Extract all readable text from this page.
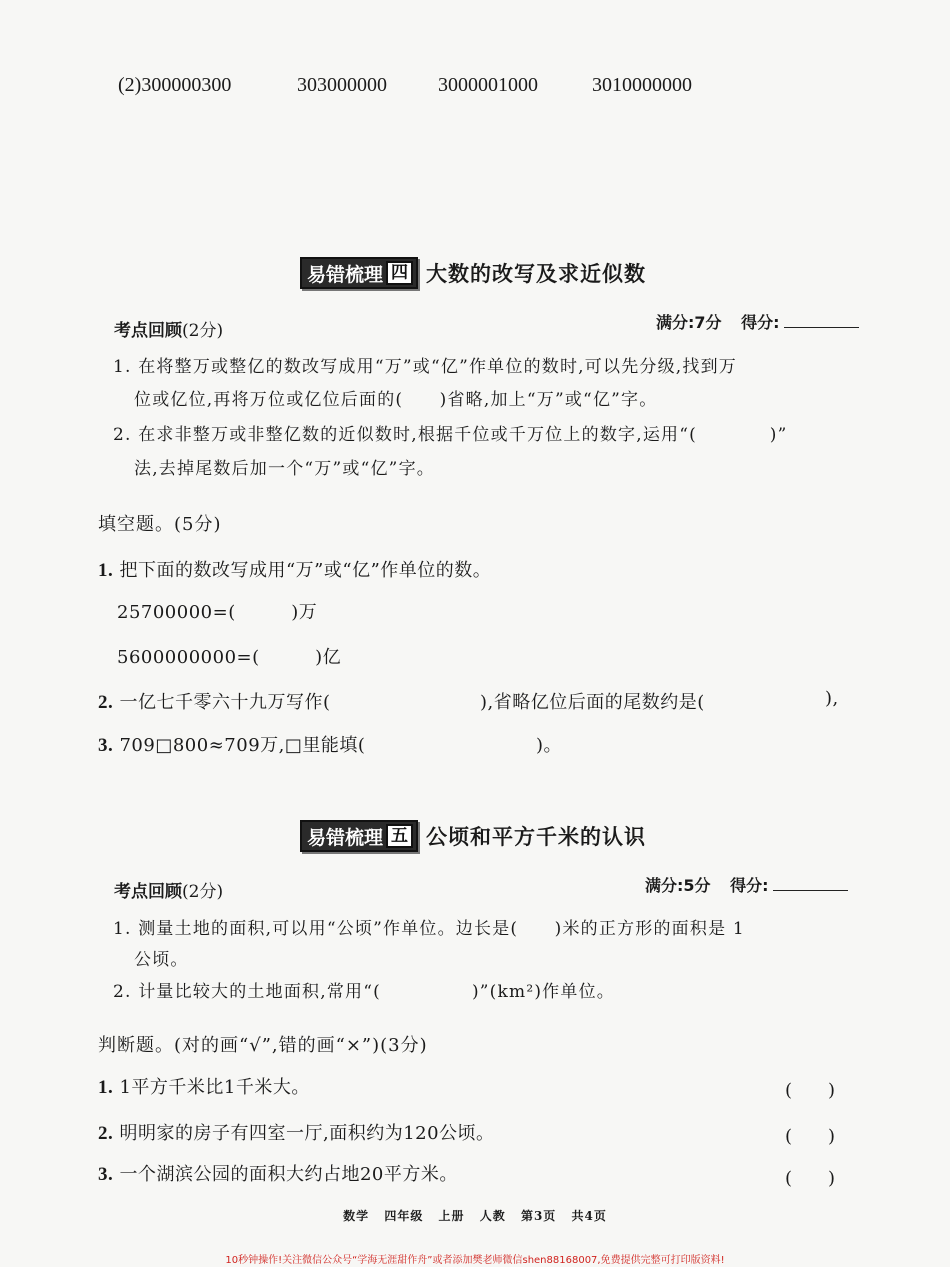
(2)300000300	303000000	3000001000	3010000000
易错梳理 四 大数的改写及求近似数
考点回顾(2分)	满分:7分 得分:
1. 在将整万或整亿的数改写成用“万”或“亿”作单位的数时,可以先分级,找到万
位或亿位,再将万位或亿位后面的(　　)省略,加上“万”或“亿”字。
2. 在求非整万或非整亿数的近似数时,根据千位或千万位上的数字,运用“(　　　　)”
法,去掉尾数后加一个“万”或“亿”字。
填空题。(5分)
1. 把下面的数改写成用“万”或“亿”作单位的数。
25700000=(　　　)万
5600000000=(　　　)亿
2. 一亿七千零六十九万写作(	),省略亿位后面的尾数约是(	),
3. 709□800≈709万,□里能填(	)。
易错梳理 五 公顷和平方千米的认识
考点回顾(2分)	满分:5分 得分:
1. 测量土地的面积,可以用“公顷”作单位。边长是(　　)米的正方形的面积是 1
公顷。
2. 计量比较大的土地面积,常用“(　　　　　)”(km²)作单位。
判断题。(对的画“√”,错的画“×”)(3分)
1. 1平方千米比1千米大。	(　　)
2. 明明家的房子有四室一厅,面积约为120公顷。	(　　)
3. 一个湖滨公园的面积大约占地20平方米。	(　　)
数学 四年级 上册 人教 第3页 共4页
10秒钟操作!关注微信公众号“学海无涯甜作舟”或者添加樊老师微信shen88168007,免费提供完整可打印版资料!
